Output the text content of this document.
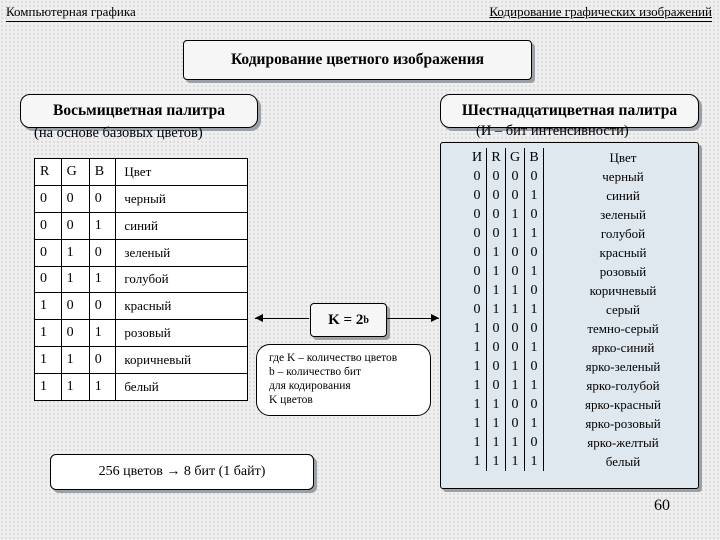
Компьютерная графика	Кодирование графических изображений
Кодирование цветного изображения
Восьмицветная палитра
(на основе базовых цветов)
R	G	B	Цвет
0	0	0	черный
0	0	1	синий
0	1	0	зеленый
0	1	1	голубой
1	0	0	красный
1	0	1	розовый
1	1	0	коричневый
1	1	1	белый
Шестнадцатицветная палитра
(И – бит интенсивности)
И	R	G	B	Цвет
0	0	0	0	черный
0	0	0	1	синий
0	0	1	0	зеленый
0	0	1	1	голубой
0	1	0	0	красный
0	1	0	1	розовый
0	1	1	0	коричневый
0	1	1	1	серый
1	0	0	0	темно-серый
1	0	0	1	ярко-синий
1	0	1	0	ярко-зеленый
1	0	1	1	ярко-голубой
1	1	0	0	ярко-красный
1	1	0	1	ярко-розовый
1	1	1	0	ярко-желтый
1	1	1	1	белый
K = 2 b
где K – количество цветов
b – количество бит
для кодирования
K цветов
256 цветов → 8 бит (1 байт)
60
